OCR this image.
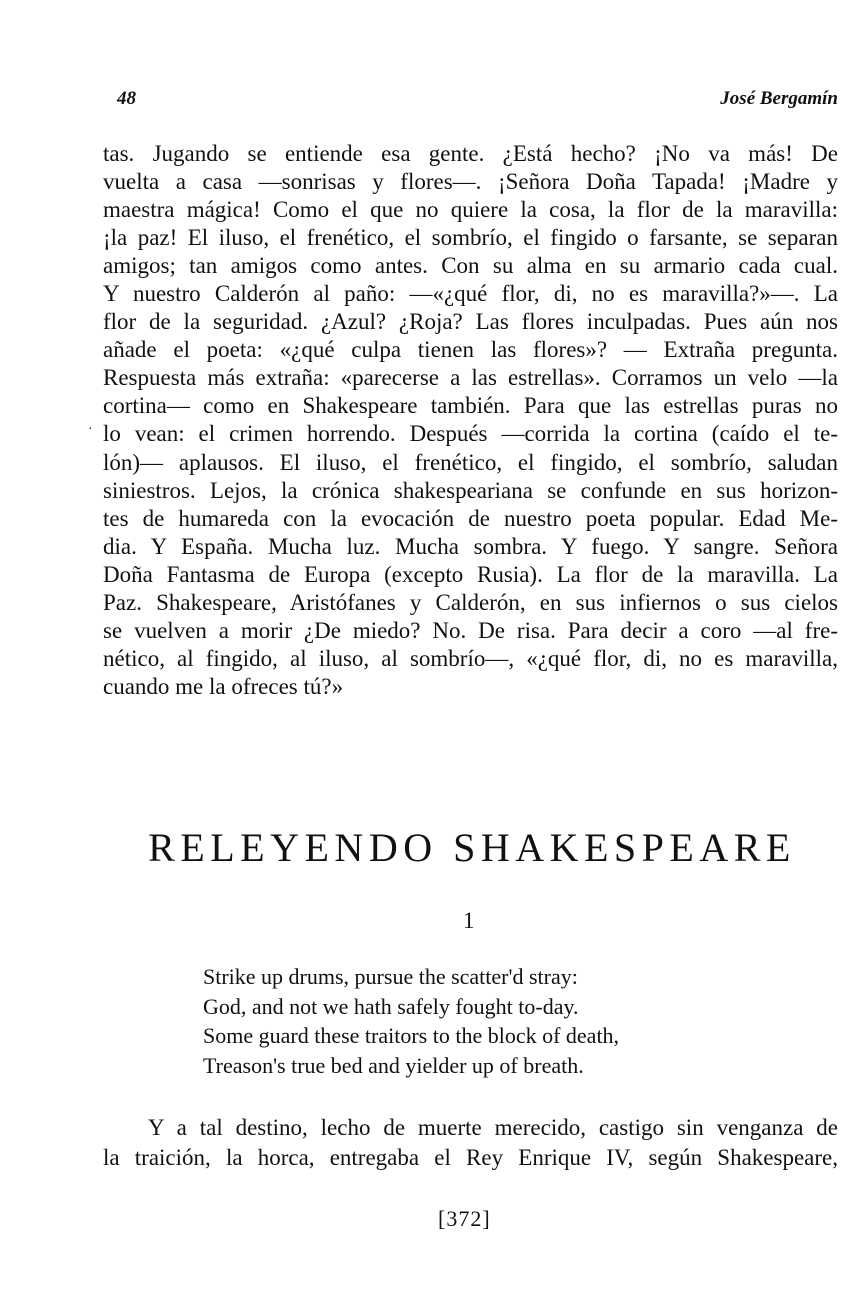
48	José Bergamín
·
tas. Jugando se entiende esa gente. ¿Está hecho? ¡No va más! De
vuelta a casa —sonrisas y flores—. ¡Señora Doña Tapada! ¡Madre y
maestra mágica! Como el que no quiere la cosa, la flor de la maravilla:
¡la paz! El iluso, el frenético, el sombrío, el fingido o farsante, se separan
amigos; tan amigos como antes. Con su alma en su armario cada cual.
Y nuestro Calderón al paño: —«¿qué flor, di, no es maravilla?»—. La
flor de la seguridad. ¿Azul? ¿Roja? Las flores inculpadas. Pues aún nos
añade el poeta: «¿qué culpa tienen las flores»? — Extraña pregunta.
Respuesta más extraña: «parecerse a las estrellas». Corramos un velo —la
cortina— como en Shakespeare también. Para que las estrellas puras no
lo vean: el crimen horrendo. Después —corrida la cortina (caído el te-
lón)— aplausos. El iluso, el frenético, el fingido, el sombrío, saludan
siniestros. Lejos, la crónica shakespeariana se confunde en sus horizon-
tes de humareda con la evocación de nuestro poeta popular. Edad Me-
dia. Y España. Mucha luz. Mucha sombra. Y fuego. Y sangre. Señora
Doña Fantasma de Europa (excepto Rusia). La flor de la maravilla. La
Paz. Shakespeare, Aristófanes y Calderón, en sus infiernos o sus cielos
se vuelven a morir ¿De miedo? No. De risa. Para decir a coro —al fre-
nético, al fingido, al iluso, al sombrío—, «¿qué flor, di, no es maravilla,
cuando me la ofreces tú?»
RELEYENDO SHAKESPEARE
1
Strike up drums, pursue the scatter'd stray:
God, and not we hath safely fought to-day.
Some guard these traitors to the block of death,
Treason's true bed and yielder up of breath.
Y a tal destino, lecho de muerte merecido, castigo sin venganza de
la traición, la horca, entregaba el Rey Enrique IV, según Shakespeare,
[372]
